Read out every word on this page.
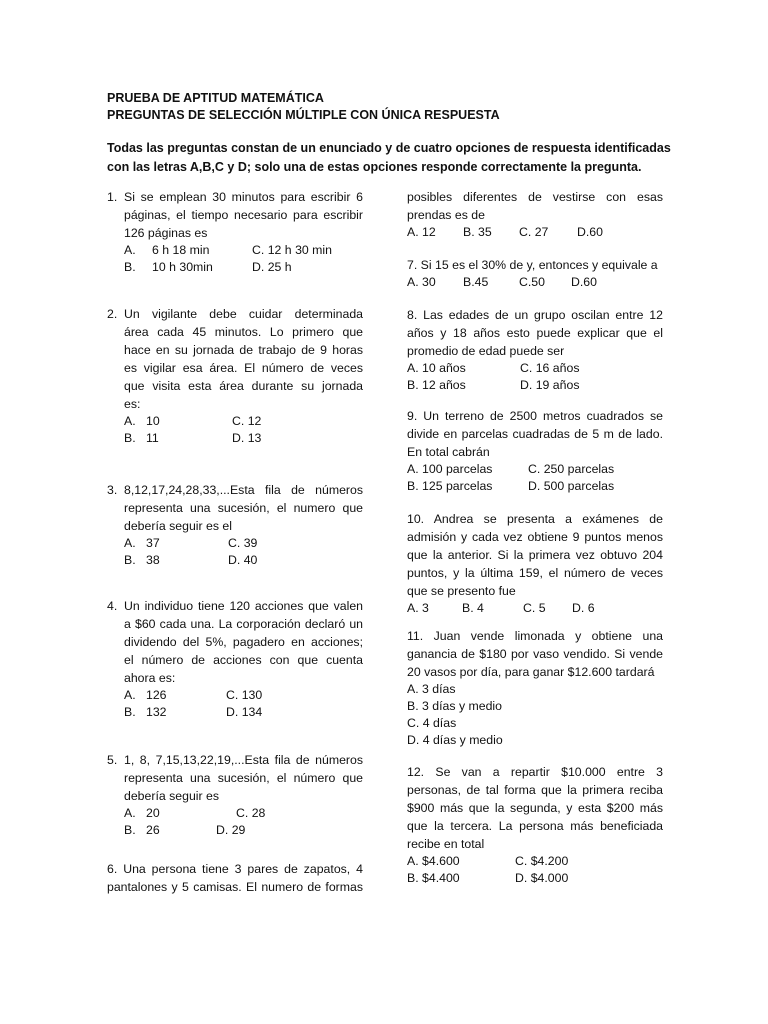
PRUEBA DE APTITUD MATEMÁTICA
PREGUNTAS DE SELECCIÓN MÚLTIPLE CON ÚNICA RESPUESTA
Todas las preguntas constan de un enunciado y de cuatro opciones de respuesta identificadas
con las letras A,B,C y D; solo una de estas opciones responde correctamente la pregunta.
1. Si se emplean 30 minutos para escribir 6
páginas, el tiempo necesario para escribir
126 páginas es
A. 6 h 18 min	C. 12 h 30 min
B. 10 h 30min	D. 25 h
2. Un vigilante debe cuidar determinada
área cada 45 minutos. Lo primero que
hace en su jornada de trabajo de 9 horas
es vigilar esa área. El número de veces
que visita esta área durante su jornada
es:
A. 10	C. 12
B. 11	D. 13
3. 8,12,17,24,28,33,...Esta fila de números
representa una sucesión, el numero que
debería seguir es el
A. 37	C. 39
B. 38	D. 40
4. Un individuo tiene 120 acciones que valen
a $60 cada una. La corporación declaró un
dividendo del 5%, pagadero en acciones;
el número de acciones con que cuenta
ahora es:
A. 126	C. 130
B. 132	D. 134
5. 1, 8, 7,15,13,22,19,...Esta fila de números
representa una sucesión, el número que
debería seguir es
A. 20	C. 28
B. 26	D. 29
6. Una persona tiene 3 pares de zapatos, 4
pantalones y 5 camisas. El numero de formas
posibles diferentes de vestirse con esas
prendas es de
A. 12 B. 35 C. 27 D.60
7. Si 15 es el 30% de y, entonces y equivale a
A. 30 B.45 C.50 D.60
8. Las edades de un grupo oscilan entre 12
años y 18 años esto puede explicar que el
promedio de edad puede ser
A. 10 años	C. 16 años
B. 12 años	D. 19 años
9. Un terreno de 2500 metros cuadrados se
divide en parcelas cuadradas de 5 m de lado.
En total cabrán
A. 100 parcelas	C. 250 parcelas
B. 125 parcelas	D. 500 parcelas
10. Andrea se presenta a exámenes de
admisión y cada vez obtiene 9 puntos menos
que la anterior. Si la primera vez obtuvo 204
puntos, y la última 159, el número de veces
que se presento fue
A. 3	B. 4	C. 5 D. 6
11. Juan vende limonada y obtiene una
ganancia de $180 por vaso vendido. Si vende
20 vasos por día, para ganar $12.600 tardará
A. 3 días
B. 3 días y medio
C. 4 días
D. 4 días y medio
12. Se van a repartir $10.000 entre 3
personas, de tal forma que la primera reciba
$900 más que la segunda, y esta $200 más
que la tercera. La persona más beneficiada
recibe en total
A. $4.600	C. $4.200
B. $4.400	D. $4.000
